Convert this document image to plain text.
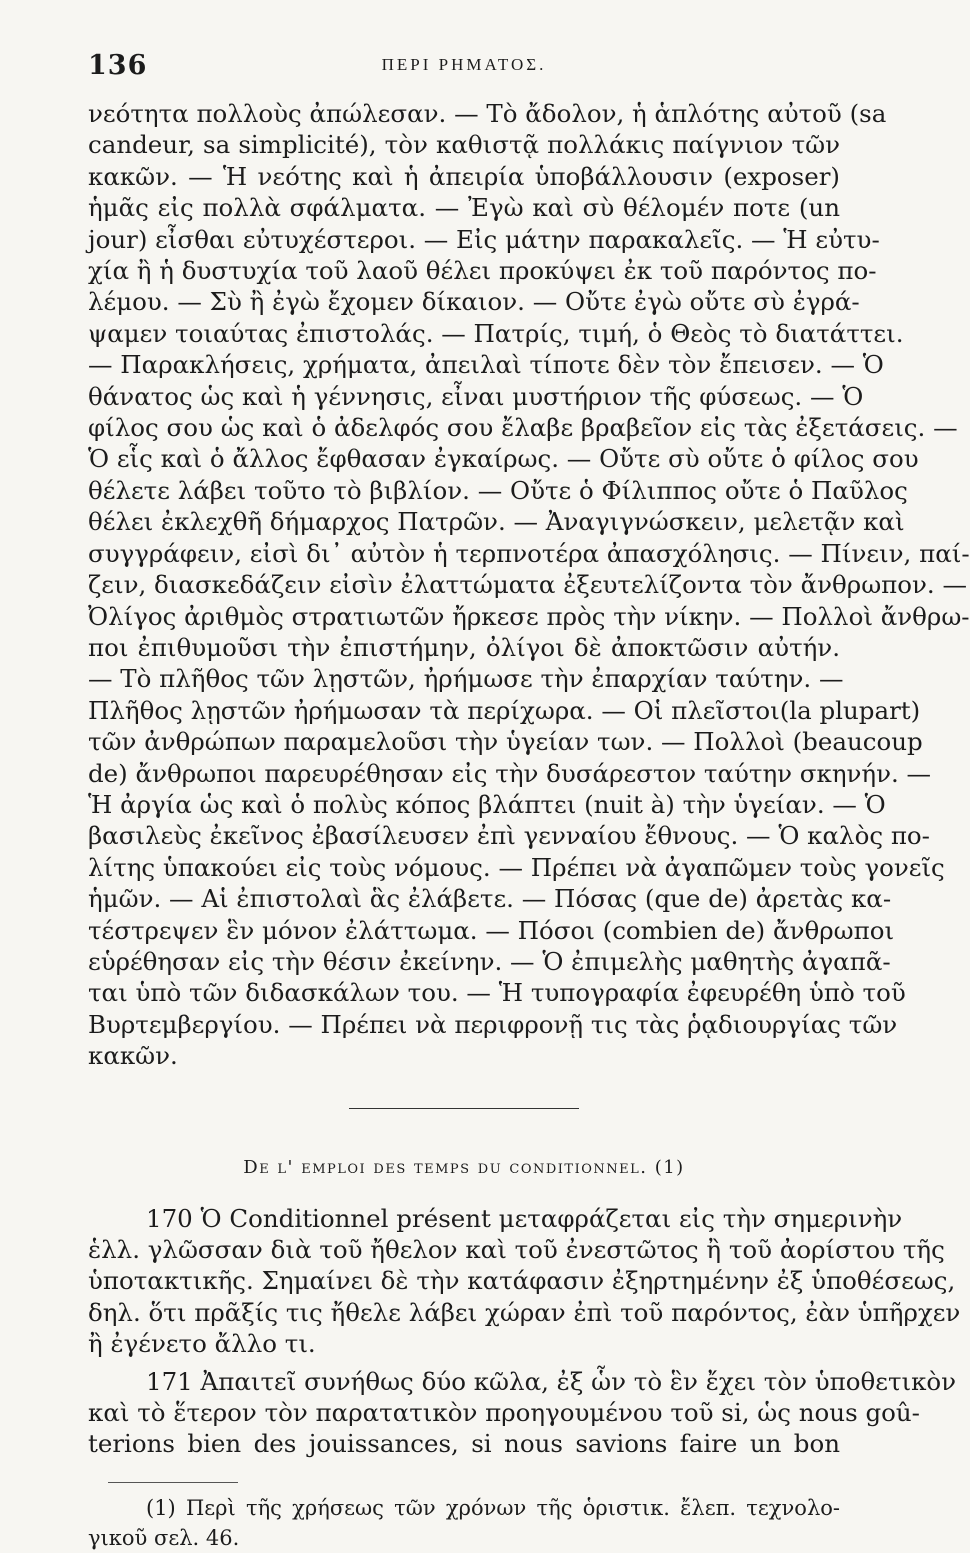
136	ΠΕΡΙ ΡΗΜΑΤΟΣ.
νεότητα πολλοὺς ἀπώλεσαν. — Τὸ ἄδολον, ἡ ἁπλότης αὐτοῦ (sa
candeur, sa simplicité), τὸν καθιστᾷ πολλάκις παίγνιον τῶν
κακῶν. — Ἡ νεότης καὶ ἡ ἀπειρία ὑποβάλλουσιν (exposer)
ἡμᾶς εἰς πολλὰ σφάλματα. — Ἐγὼ καὶ σὺ θέλομέν ποτε (un
jour) εἶσθαι εὐτυχέστεροι. — Εἰς μάτην παρακαλεῖς. — Ἡ εὐτυ-
χία ἢ ἡ δυστυχία τοῦ λαοῦ θέλει προκύψει ἐκ τοῦ παρόντος πο-
λέμου. — Σὺ ἢ ἐγὼ ἔχομεν δίκαιον. — Οὔτε ἐγὼ οὔτε σὺ ἐγρά-
ψαμεν τοιαύτας ἐπιστολάς. — Πατρίς, τιμή, ὁ Θεὸς τὸ διατάττει.
— Παρακλήσεις, χρήματα, ἀπειλαὶ τίποτε δὲν τὸν ἔπεισεν. — Ὁ
θάνατος ὡς καὶ ἡ γέννησις, εἶναι μυστήριον τῆς φύσεως. — Ὁ
φίλος σου ὡς καὶ ὁ ἀδελφός σου ἔλαβε βραβεῖον εἰς τὰς ἐξετάσεις. —
Ὁ εἷς καὶ ὁ ἄλλος ἔφθασαν ἐγκαίρως. — Οὔτε σὺ οὔτε ὁ φίλος σου
θέλετε λάβει τοῦτο τὸ βιβλίον. — Οὔτε ὁ Φίλιππος οὔτε ὁ Παῦλος
θέλει ἐκλεχθῆ δήμαρχος Πατρῶν. — Ἀναγιγνώσκειν, μελετᾷν καὶ
συγγράφειν, εἰσὶ δι᾽ αὐτὸν ἡ τερπνοτέρα ἀπασχόλησις. — Πίνειν, παί-
ζειν, διασκεδάζειν εἰσὶν ἐλαττώματα ἐξευτελίζοντα τὸν ἄνθρωπον. —
Ὀλίγος ἀριθμὸς στρατιωτῶν ἤρκεσε πρὸς τὴν νίκην. — Πολλοὶ ἄνθρω-
ποι ἐπιθυμοῦσι τὴν ἐπιστήμην, ὀλίγοι δὲ ἀποκτῶσιν αὐτήν.
— Τὸ πλῆθος τῶν λῃστῶν, ἠρήμωσε τὴν ἐπαρχίαν ταύτην. —
Πλῆθος λῃστῶν ἠρήμωσαν τὰ περίχωρα. — Οἱ πλεῖστοι(la plupart)
τῶν ἀνθρώπων παραμελοῦσι τὴν ὑγείαν των. — Πολλοὶ (beaucoup
de) ἄνθρωποι παρευρέθησαν εἰς τὴν δυσάρεστον ταύτην σκηνήν. —
Ἡ ἀργία ὡς καὶ ὁ πολὺς κόπος βλάπτει (nuit à) τὴν ὑγείαν. — Ὁ
βασιλεὺς ἐκεῖνος ἐβασίλευσεν ἐπὶ γενναίου ἔθνους. — Ὁ καλὸς πο-
λίτης ὑπακούει εἰς τοὺς νόμους. — Πρέπει νὰ ἀγαπῶμεν τοὺς γονεῖς
ἡμῶν. — Αἱ ἐπιστολαὶ ἃς ἐλάβετε. — Πόσας (que de) ἀρετὰς κα-
τέστρεψεν ἓν μόνον ἐλάττωμα. — Πόσοι (combien de) ἄνθρωποι
εὑρέθησαν εἰς τὴν θέσιν ἐκείνην. — Ὁ ἐπιμελὴς μαθητὴς ἀγαπᾶ-
ται ὑπὸ τῶν διδασκάλων του. — Ἡ τυπογραφία ἐφευρέθη ὑπὸ τοῦ
Βυρτεμβεργίου. — Πρέπει νὰ περιφρονῇ τις τὰς ῥᾳδιουργίας τῶν
κακῶν.
De l' emploi des temps du conditionnel. (1)
170 Ὁ Conditionnel présent μεταφράζεται εἰς τὴν σημερινὴν
ἑλλ. γλῶσσαν διὰ τοῦ ἤθελον καὶ τοῦ ἐνεστῶτος ἢ τοῦ ἀορίστου τῆς
ὑποτακτικῆς. Σημαίνει δὲ τὴν κατάφασιν ἐξηρτημένην ἐξ ὑποθέσεως,
δηλ. ὅτι πρᾶξίς τις ἤθελε λάβει χώραν ἐπὶ τοῦ παρόντος, ἐὰν ὑπῆρχεν
ἢ ἐγένετο ἄλλο τι.
171 Ἀπαιτεῖ συνήθως δύο κῶλα, ἐξ ὧν τὸ ἓν ἔχει τὸν ὑποθετικὸν
καὶ τὸ ἕτερον τὸν παρατατικὸν προηγουμένου τοῦ si, ὡς nous goû-
terions bien des jouissances, si nous savions faire un bon
(1) Περὶ τῆς χρήσεως τῶν χρόνων τῆς ὁριστικ. ἔλεπ. τεχνολο-
γικοῦ σελ. 46.
